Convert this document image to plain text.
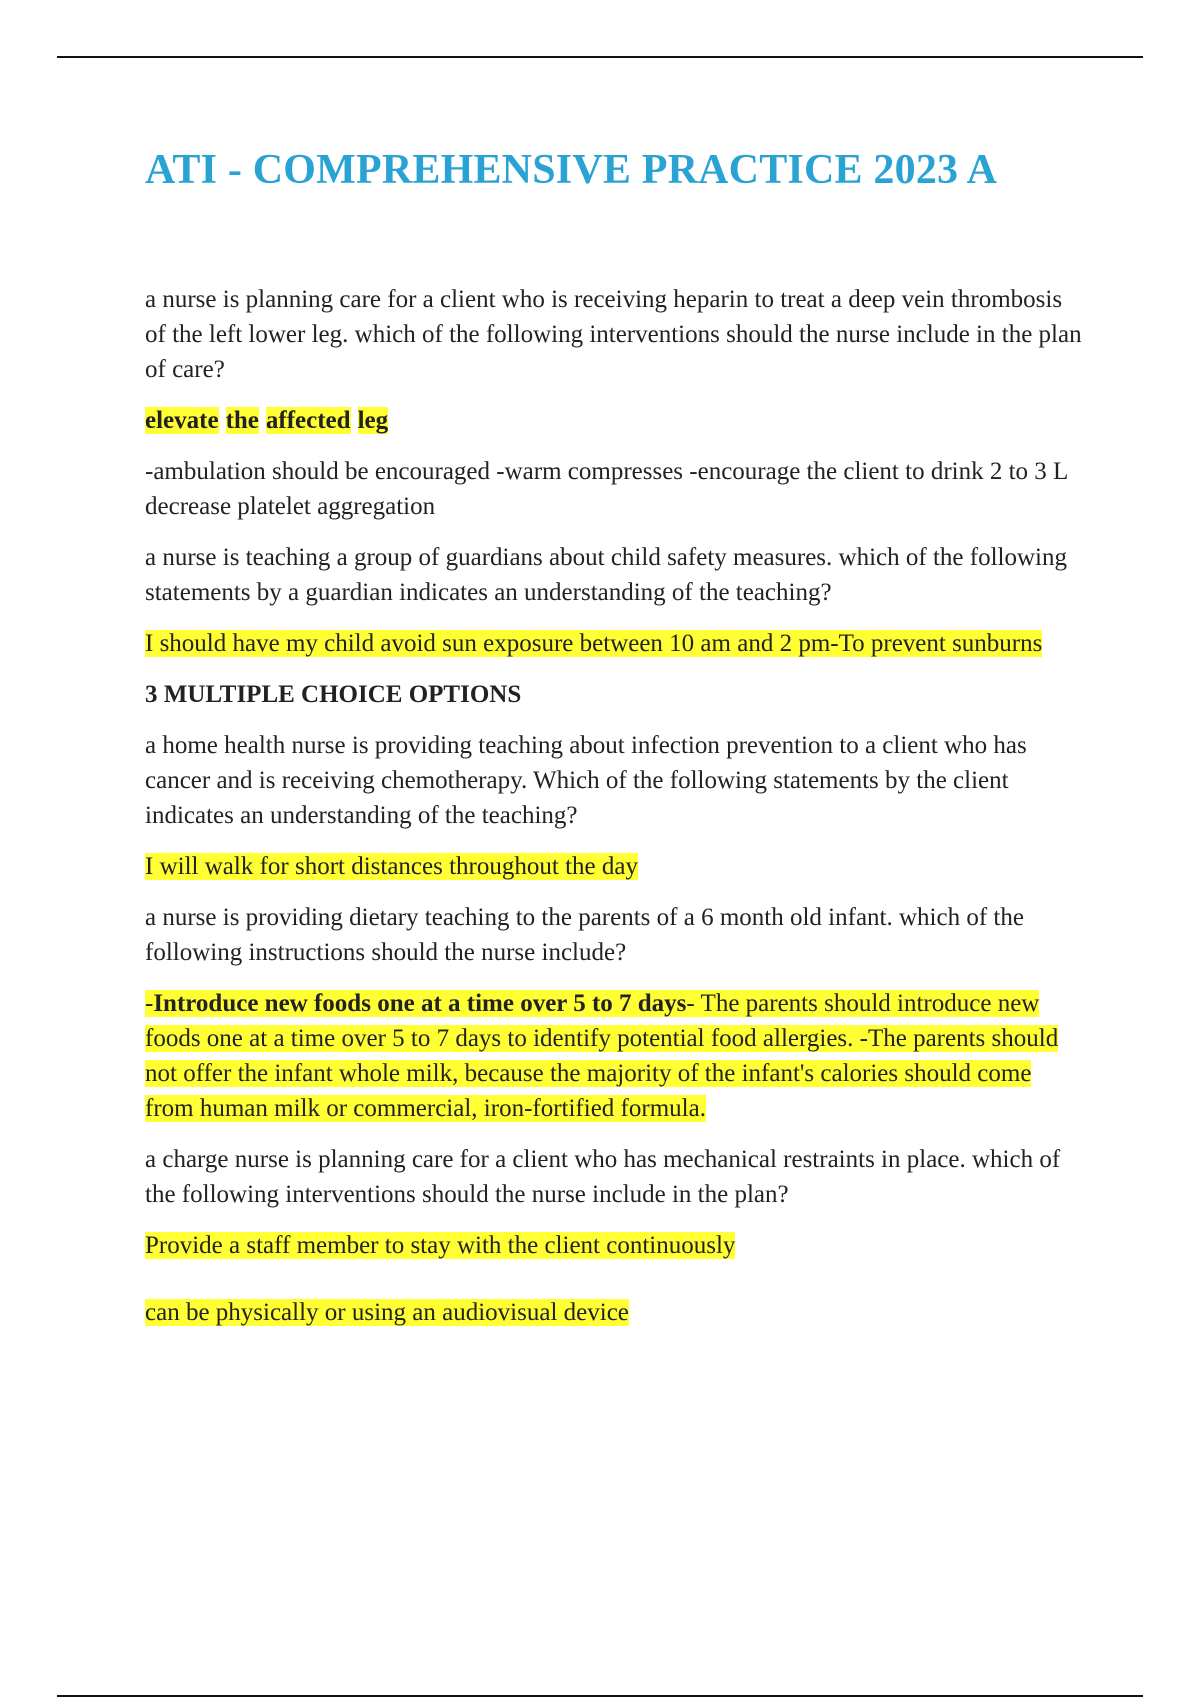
ATI - COMPREHENSIVE PRACTICE 2023 A

a nurse is planning care for a client who is receiving heparin to treat a deep vein thrombosis of the left lower leg. which of the following interventions should the nurse include in the plan of care?

elevate the affected leg

-ambulation should be encouraged -warm compresses -encourage the client to drink 2 to 3 L decrease platelet aggregation

a nurse is teaching a group of guardians about child safety measures. which of the following statements by a guardian indicates an understanding of the teaching?

I should have my child avoid sun exposure between 10 am and 2 pm-To prevent sunburns

3 MULTIPLE CHOICE OPTIONS

a home health nurse is providing teaching about infection prevention to a client who has cancer and is receiving chemotherapy. Which of the following statements by the client indicates an understanding of the teaching?

I will walk for short distances throughout the day

a nurse is providing dietary teaching to the parents of a 6 month old infant. which of the following instructions should the nurse include?

-Introduce new foods one at a time over 5 to 7 days- The parents should introduce new foods one at a time over 5 to 7 days to identify potential food allergies. -The parents should not offer the infant whole milk, because the majority of the infant's calories should come from human milk or commercial, iron-fortified formula.

a charge nurse is planning care for a client who has mechanical restraints in place. which of the following interventions should the nurse include in the plan?

Provide a staff member to stay with the client continuously

can be physically or using an audiovisual device
